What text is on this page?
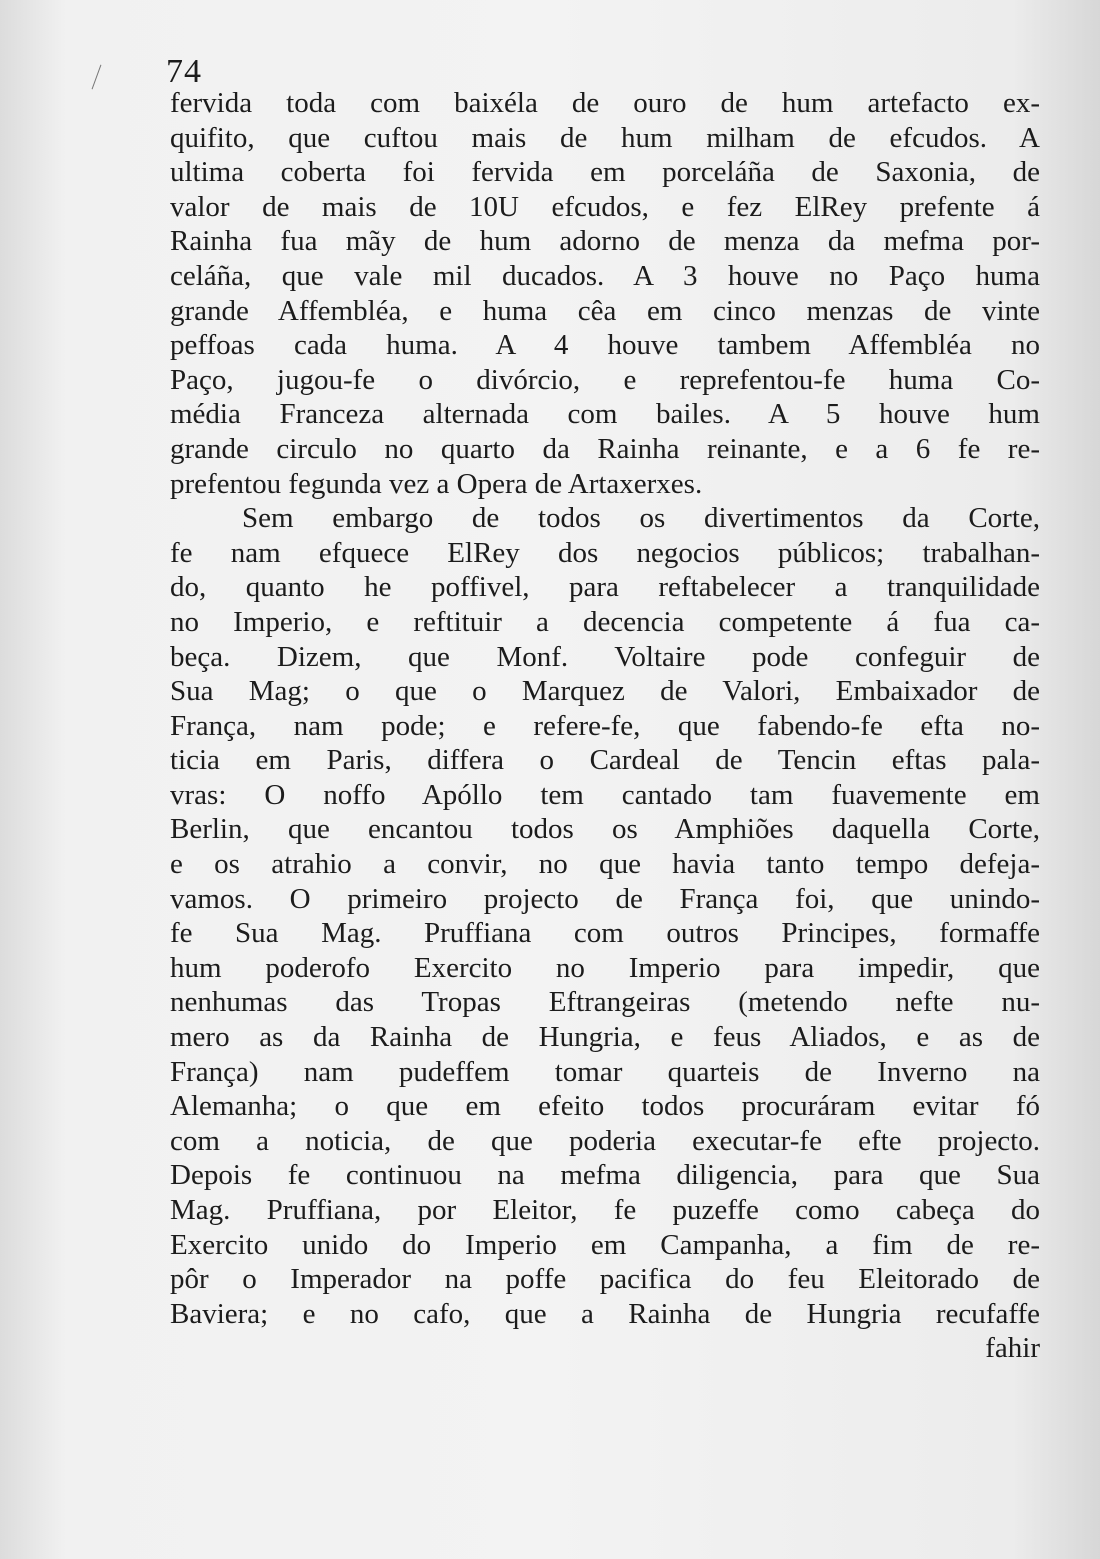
74
fervida toda com baixéla de ouro de hum artefacto ex-
quifito, que cuftou mais de hum milham de efcudos. A
ultima coberta foi fervida em porceláña de Saxonia, de
valor de mais de 10U efcudos, e fez ElRey prefente á
Rainha fua mãy de hum adorno de menza da mefma por-
celáña, que vale mil ducados. A 3 houve no Paço huma
grande Affembléa, e huma cêa em cinco menzas de vinte
peffoas cada huma. A 4 houve tambem Affembléa no
Paço, jugou-fe o divórcio, e reprefentou-fe huma Co-
média Franceza alternada com bailes. A 5 houve hum
grande circulo no quarto da Rainha reinante, e a 6 fe re-
prefentou fegunda vez a Opera de Artaxerxes.
Sem embargo de todos os divertimentos da Corte,
fe nam efquece ElRey dos negocios públicos; trabalhan-
do, quanto he poffivel, para reftabelecer a tranquilidade
no Imperio, e reftituir a decencia competente á fua ca-
beça. Dizem, que Monf. Voltaire pode confeguir de
Sua Mag; o que o Marquez de Valori, Embaixador de
França, nam pode; e refere-fe, que fabendo-fe efta no-
ticia em Paris, differa o Cardeal de Tencin eftas pala-
vras: O noffo Apóllo tem cantado tam fuavemente em
Berlin, que encantou todos os Amphiões daquella Corte,
e os atrahio a convir, no que havia tanto tempo defeja-
vamos. O primeiro projecto de França foi, que unindo-
fe Sua Mag. Pruffiana com outros Principes, formaffe
hum poderofo Exercito no Imperio para impedir, que
nenhumas das Tropas Eftrangeiras (metendo nefte nu-
mero as da Rainha de Hungria, e feus Aliados, e as de
França) nam pudeffem tomar quarteis de Inverno na
Alemanha; o que em efeito todos procuráram evitar fó
com a noticia, de que poderia executar-fe efte projecto.
Depois fe continuou na mefma diligencia, para que Sua
Mag. Pruffiana, por Eleitor, fe puzeffe como cabeça do
Exercito unido do Imperio em Campanha, a fim de re-
pôr o Imperador na poffe pacifica do feu Eleitorado de
Baviera; e no cafo, que a Rainha de Hungria recufaffe
fahir
